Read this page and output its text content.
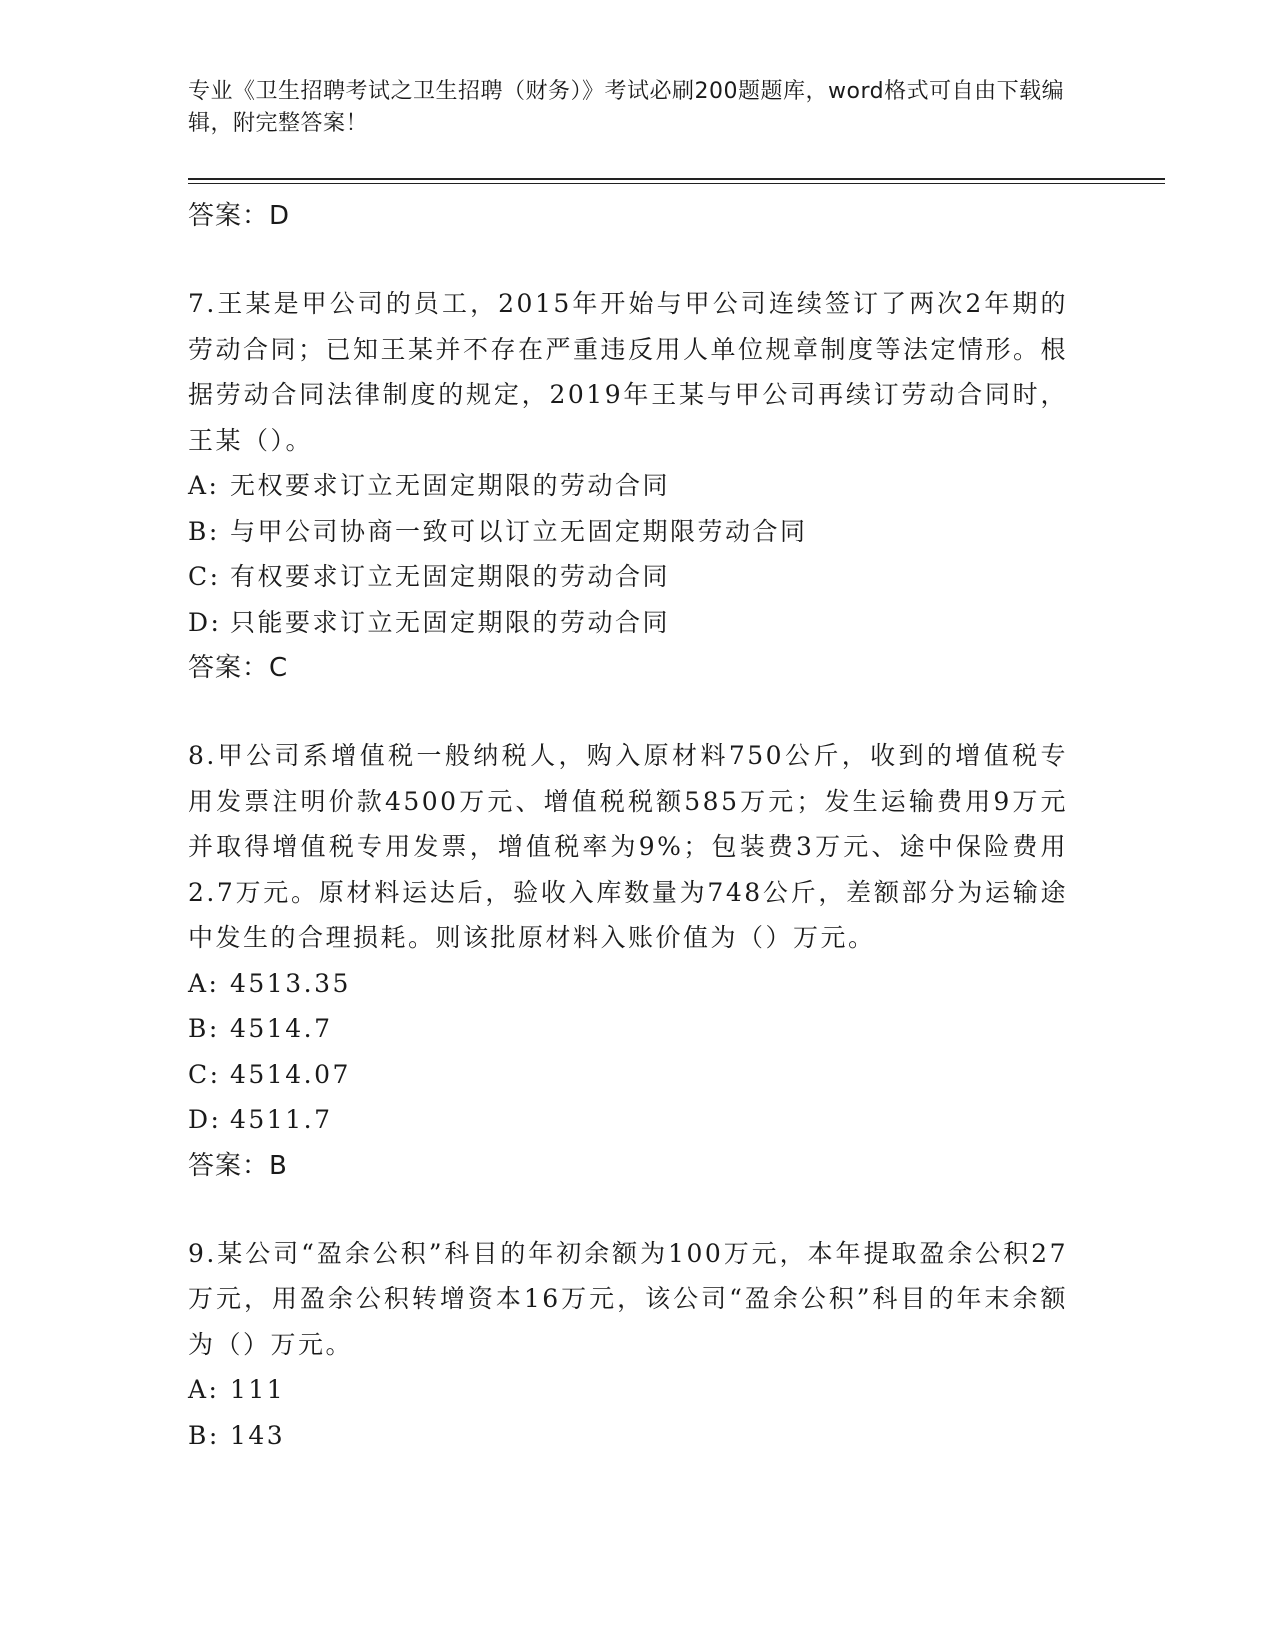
专业《卫生招聘考试之卫生招聘（财务）》考试必刷200题题库，word格式可自由下载编辑，附完整答案！
答案：D
7.王某是甲公司的员工，2015年开始与甲公司连续签订了两次2年期的劳动合同；已知王某并不存在严重违反用人单位规章制度等法定情形。根据劳动合同法律制度的规定，2019年王某与甲公司再续订劳动合同时，王某（）。
A: 无权要求订立无固定期限的劳动合同
B: 与甲公司协商一致可以订立无固定期限劳动合同
C: 有权要求订立无固定期限的劳动合同
D: 只能要求订立无固定期限的劳动合同
答案：C
8.甲公司系增值税一般纳税人，购入原材料750公斤，收到的增值税专用发票注明价款4500万元、增值税税额585万元；发生运输费用9万元并取得增值税专用发票，增值税率为9%；包装费3万元、途中保险费用2.7万元。原材料运达后，验收入库数量为748公斤，差额部分为运输途中发生的合理损耗。则该批原材料入账价值为（）万元。
A: 4513.35
B: 4514.7
C: 4514.07
D: 4511.7
答案：B
9.某公司“盈余公积”科目的年初余额为100万元，本年提取盈余公积27万元，用盈余公积转增资本16万元，该公司“盈余公积”科目的年末余额为（）万元。
A: 111
B: 143
